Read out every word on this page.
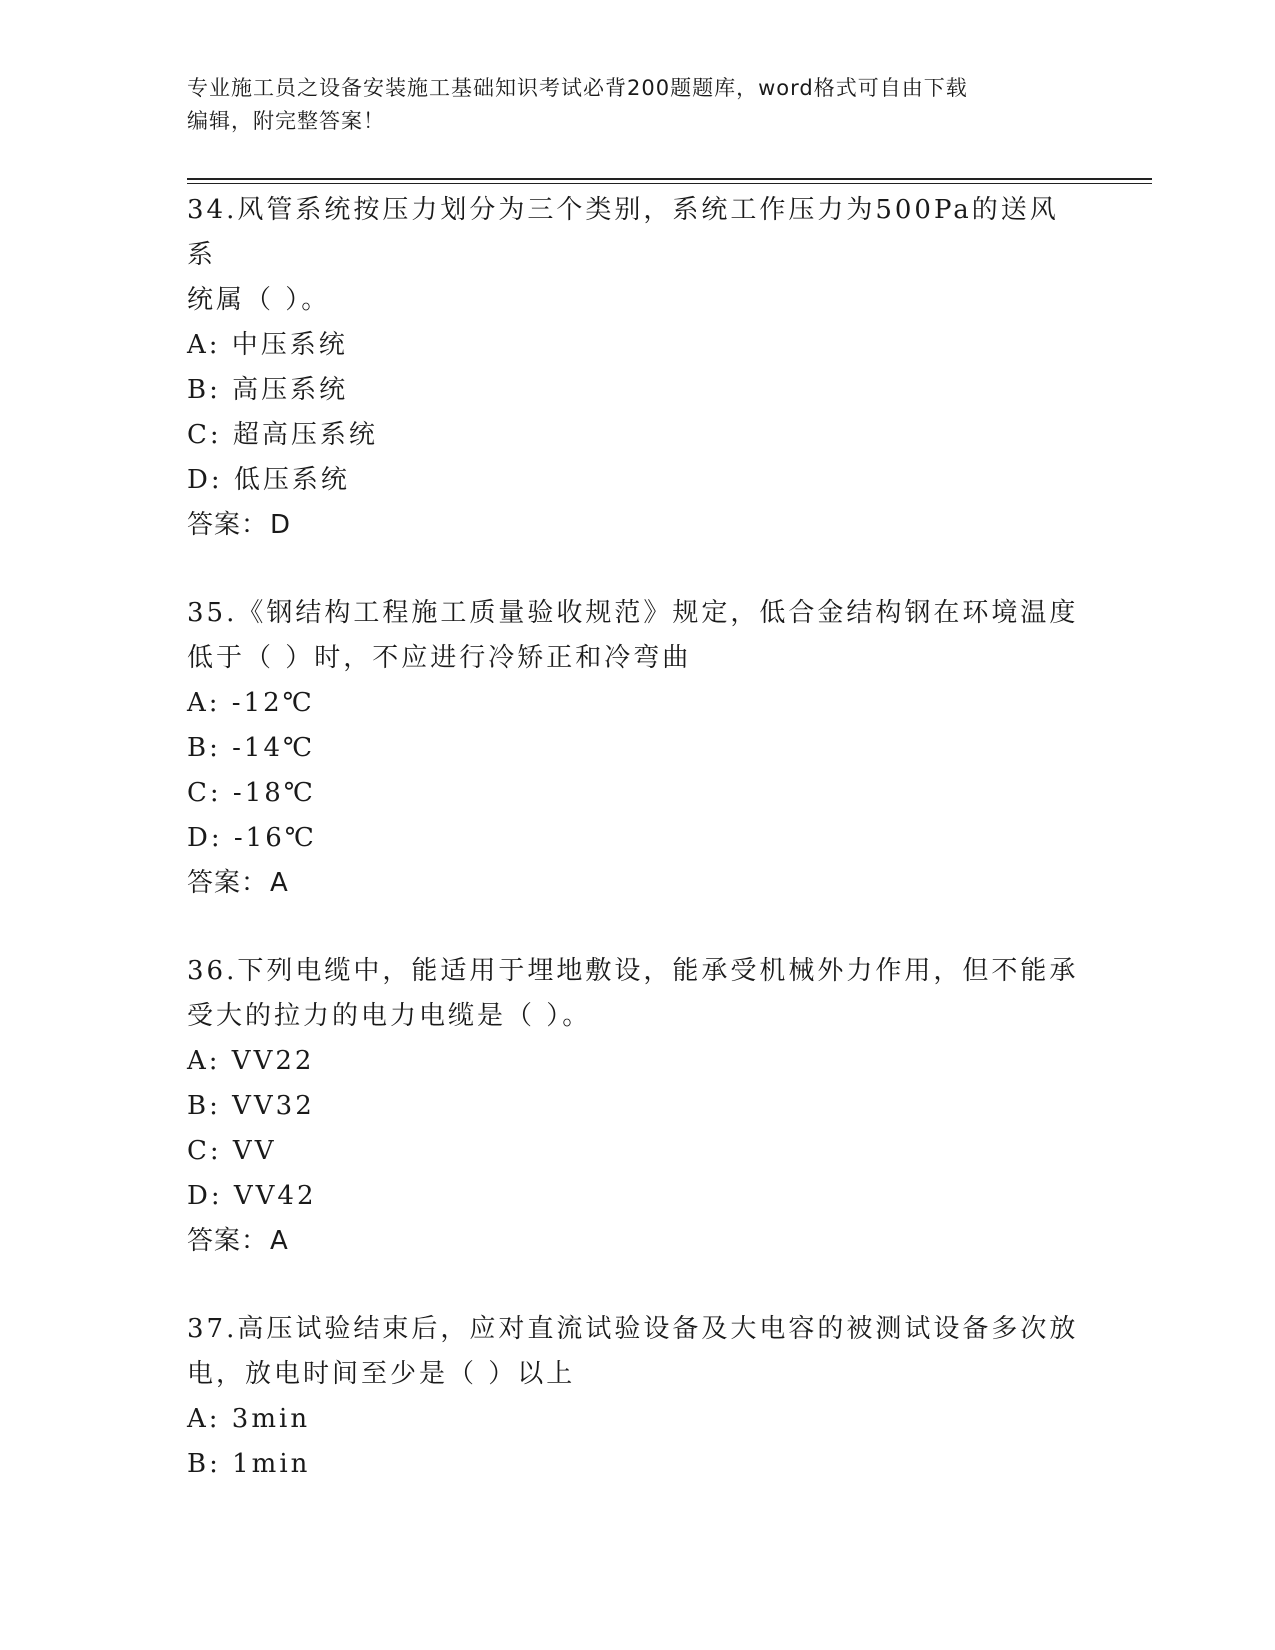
专业施工员之设备安装施工基础知识考试必背200题题库，word格式可自由下载
编辑，附完整答案！

34.风管系统按压力划分为三个类别，系统工作压力为500Pa的送风系
统属（ ）。

A: 中压系统

B: 高压系统

C: 超高压系统

D: 低压系统

答案：D

35.《钢结构工程施工质量验收规范》规定，低合金结构钢在环境温度
低于（ ）时，不应进行冷矫正和冷弯曲

A: -12℃

B: -14℃

C: -18℃

D: -16℃

答案：A

36.下列电缆中，能适用于埋地敷设，能承受机械外力作用，但不能承
受大的拉力的电力电缆是（ ）。

A: VV22

B: VV32

C: VV

D: VV42

答案：A

37.高压试验结束后，应对直流试验设备及大电容的被测试设备多次放
电，放电时间至少是（ ）以上

A: 3min

B: 1min
